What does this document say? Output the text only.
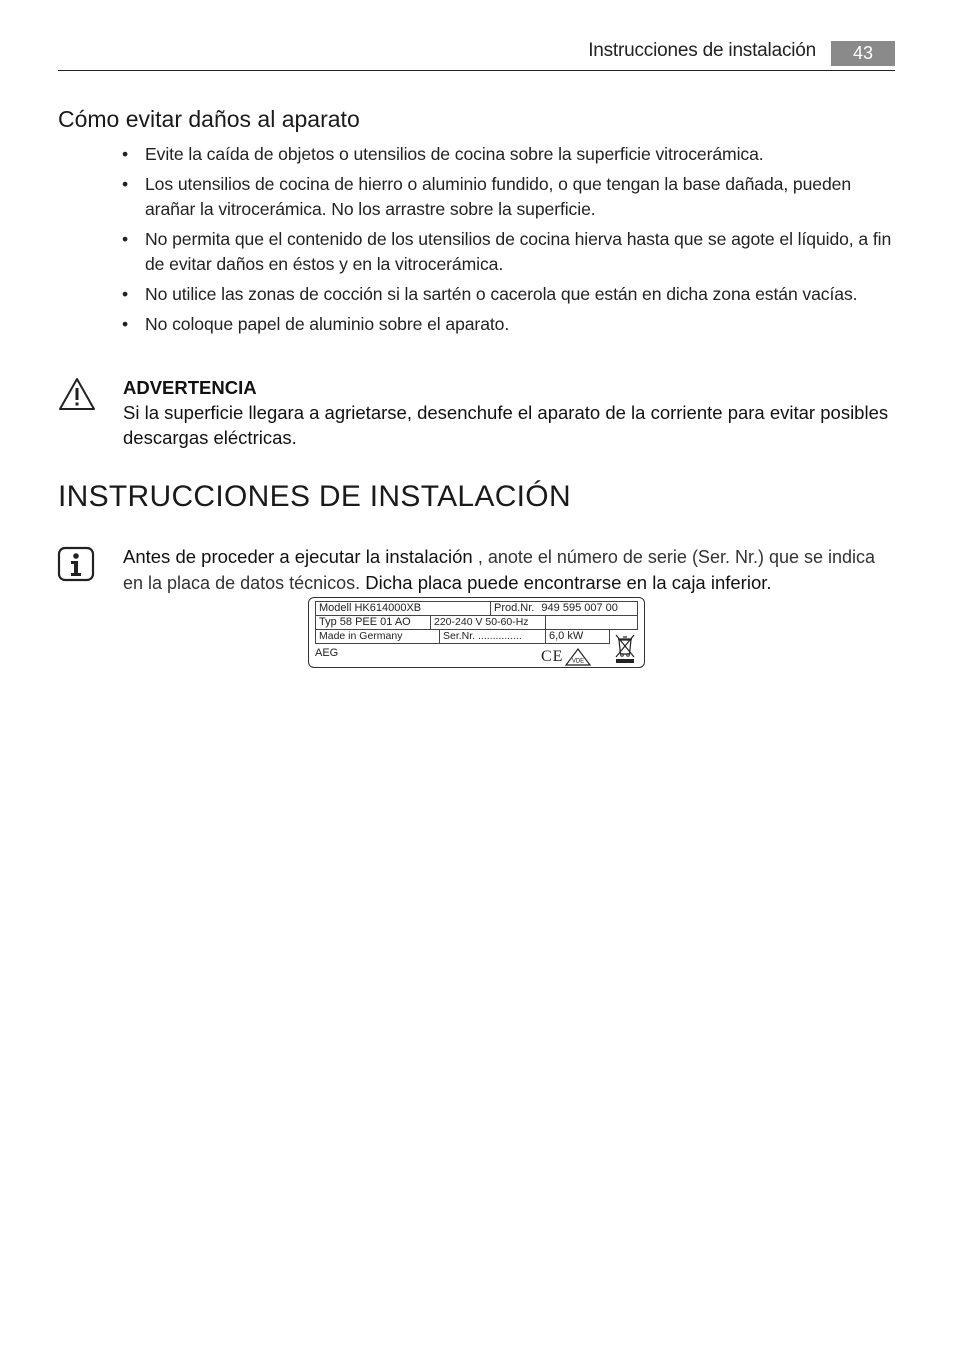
Instrucciones de instalación	43
Cómo evitar daños al aparato
• Evite la caída de objetos o utensilios de cocina sobre la superficie vitrocerámica.
• Los utensilios de cocina de hierro o aluminio fundido, o que tengan la base dañada, pueden arañar la vitrocerámica. No los arrastre sobre la superficie.
• No permita que el contenido de los utensilios de cocina hierva hasta que se agote el líquido, a fin de evitar daños en éstos y en la vitrocerámica.
• No utilice las zonas de cocción si la sartén o cacerola que están en dicha zona están vacías.
• No coloque papel de aluminio sobre el aparato.
ADVERTENCIA
Si la superficie llegara a agrietarse, desenchufe el aparato de la corriente para evitar posibles descargas eléctricas.
INSTRUCCIONES DE INSTALACIÓN
Antes de proceder a ejecutar la instalación , anote el número de serie (Ser. Nr.) que se indica en la placa de datos técnicos. Dicha placa puede encontrarse en la caja inferior.
Modell HK614000XB	Prod.Nr. 949 595 007 00
Typ 58 PEE 01 AO	220-240 V 50-60-Hz
Made in Germany	Ser.Nr. ...............	6,0 kW
AEG	CE VDE
